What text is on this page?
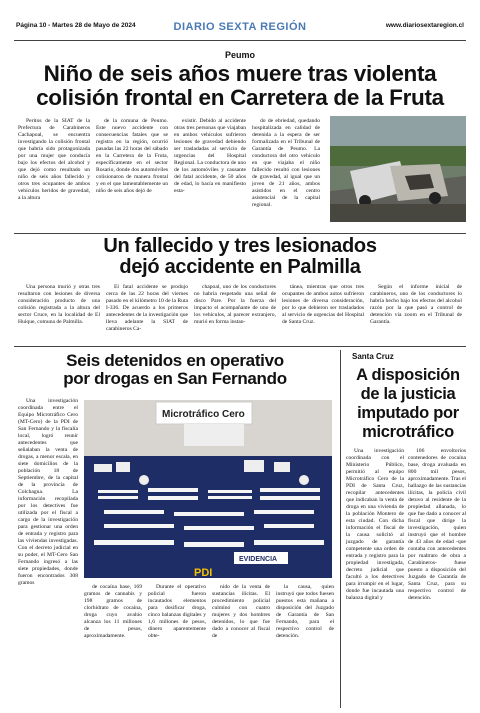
Página 10 - Martes 28 de Mayo de 2024	DIARIO SEXTA REGIÓN	www.diariosextaregion.cl
Peumo
Niño de seis años muere tras violenta
colisión frontal en Carretera de la Fruta

Peritos de la SIAT de la Prefectura de Carabineros Cachapoal, se encuentra investigando la colisión frontal que habría sido protagonizada por una mujer que conducía bajo los efectos del alcohol y que dejó como resultado un niño de seis años fallecido y otros tres ocupantes de ambos vehículos heridos de gravedad, a la altura

de la comuna de Peumo. Este nuevo accidente con consecuencias fatales que se registra en la región, ocurrió pasadas las 22 horas del sábado en la Carretera de la Fruta, específicamente en el sector Rosario, donde dos automóviles colisionaron de manera frontal y en el que lamentablemente un niño de seis años dejó de

existir. Debido al accidente otras tres personas que viajaban en ambos vehículos sufrieron lesiones de gravedad debiendo ser trasladadas al servicio de urgencias del Hospital Regional. La conductora de uno de los automóviles y causante del fatal accidente, de 50 años de edad, lo hacía en manifiesto esta-

do de ebriedad, quedando hospitalizada en calidad de detenida a la espera de ser formalizada en el Tribunal de Garantía de Peumo. La conductora del otro vehículo en que viajaba el niño fallecido resultó con lesiones de gravedad, al igual que un joven de 21 años, ambos asistidos en el centro asistencial de la capital regional.

Un fallecido y tres lesionados
dejó accidente en Palmilla

Una persona murió y otras tres resultaron con lesiones de diversa consideración producto de una colisión registrada a la altura del sector Cruce, en la localidad de El Huique, comuna de Palmilla.

El fatal accidente se produjo cerca de las 22 horas del viernes pasado en el kilómetro 10 de la Ruta I-336. De acuerdo a los primeros antecedentes de la investigación que lleva adelante la SIAT de carabineros Ca-

chapoal, uno de los conductores no habría respetado una señal de disco Pare. Por la fuerza del impacto el acompañante de uno de los vehículos, al parecer extranjero, murió en forma instan-

tánea, mientras que otros tres ocupantes de ambos autos sufrieron lesiones de diversa consideración, por lo que debieron ser trasladados al servicio de urgencias del Hospital de Santa Cruz.

Según el informe inicial de carabineros, uno de los conductores lo habría hecho bajo los efectos del alcohol razón por la que pasó a control de detención vía zoom en el Tribunal de Garantía.

Seis detenidos en operativo
por drogas en San Fernando

Una investigación coordinada entre el Equipo Microtráfico Cero (MT-Cero) de la PDI de San Fernando y la fiscalía local, logró reunir antecedentes que señalaban la venta de drogas, a menor escala, en siete domicilios de la población 18 de Septiembre, de la capital de la provincia de Colchagua. La información recopilada por los detectives fue utilizada por el fiscal a cargo de la investigación para gestionar una orden de entrada y registro para las viviendas investigadas. Con el decreto judicial en su poder, el MT-Cero San Fernando ingresó a las siete propiedades, donde fueron encontrados 308 gramos

Microtráfico Cero
EVIDENCIA
PDI

de cocaína base, 169 gramos de cannabis y 198 gramos de clorhidrato de cocaína, droga cuyo avalúo alcanza los 11 millones de pesos, aproximadamente.

Durante el operativo policial fueron incautados elementos para dosificar droga, cinco balanzas digitales y 1,6 millones de pesos, dinero aparentemente obte-

nido de la venta de sustancias ilícitas. El procedimiento policial culminó con cuatro mujeres y dos hombres detenidos, lo que fue dado a conocer al fiscal de

la causa, quien instruyó que todos fuesen puestos esta mañana a disposición del Juzgado de Garantía de San Fernando, para el respectivo control de detención.

Santa Cruz
A disposición
de la justicia
imputado por
microtráfico

Una investigación coordinada con el Ministerio Público, permitió al equipo Microtráfico Cero de la PDI de Santa Cruz, recopilar antecedentes que indicaban la venta de droga en una vivienda de la población Montero de esta ciudad. Con dicha información el fiscal de la causa solicitó al juzgado de garantía competente una orden de entrada y registro para la propiedad investigada, decreto judicial que facultó a los detectives para irrumpir en el lugar, donde fue incautada una balanza digital y

106 envoltorios contenedores de cocaína base, droga avaluada en 800 mil pesos, aproximadamente. Tras el hallazgo de las sustancias ilícitas, la policía civil detuvo al residente de la propiedad allanada, lo que fue dado a conocer al fiscal que dirige la investigación, quien instruyó que el hombre de 43 años de edad -que contaba con antecedentes por maltrato de obra a Carabineros- fuese puesto a disposición del Juzgado de Garantía de Santa Cruz, para su respectivo control de detención.
